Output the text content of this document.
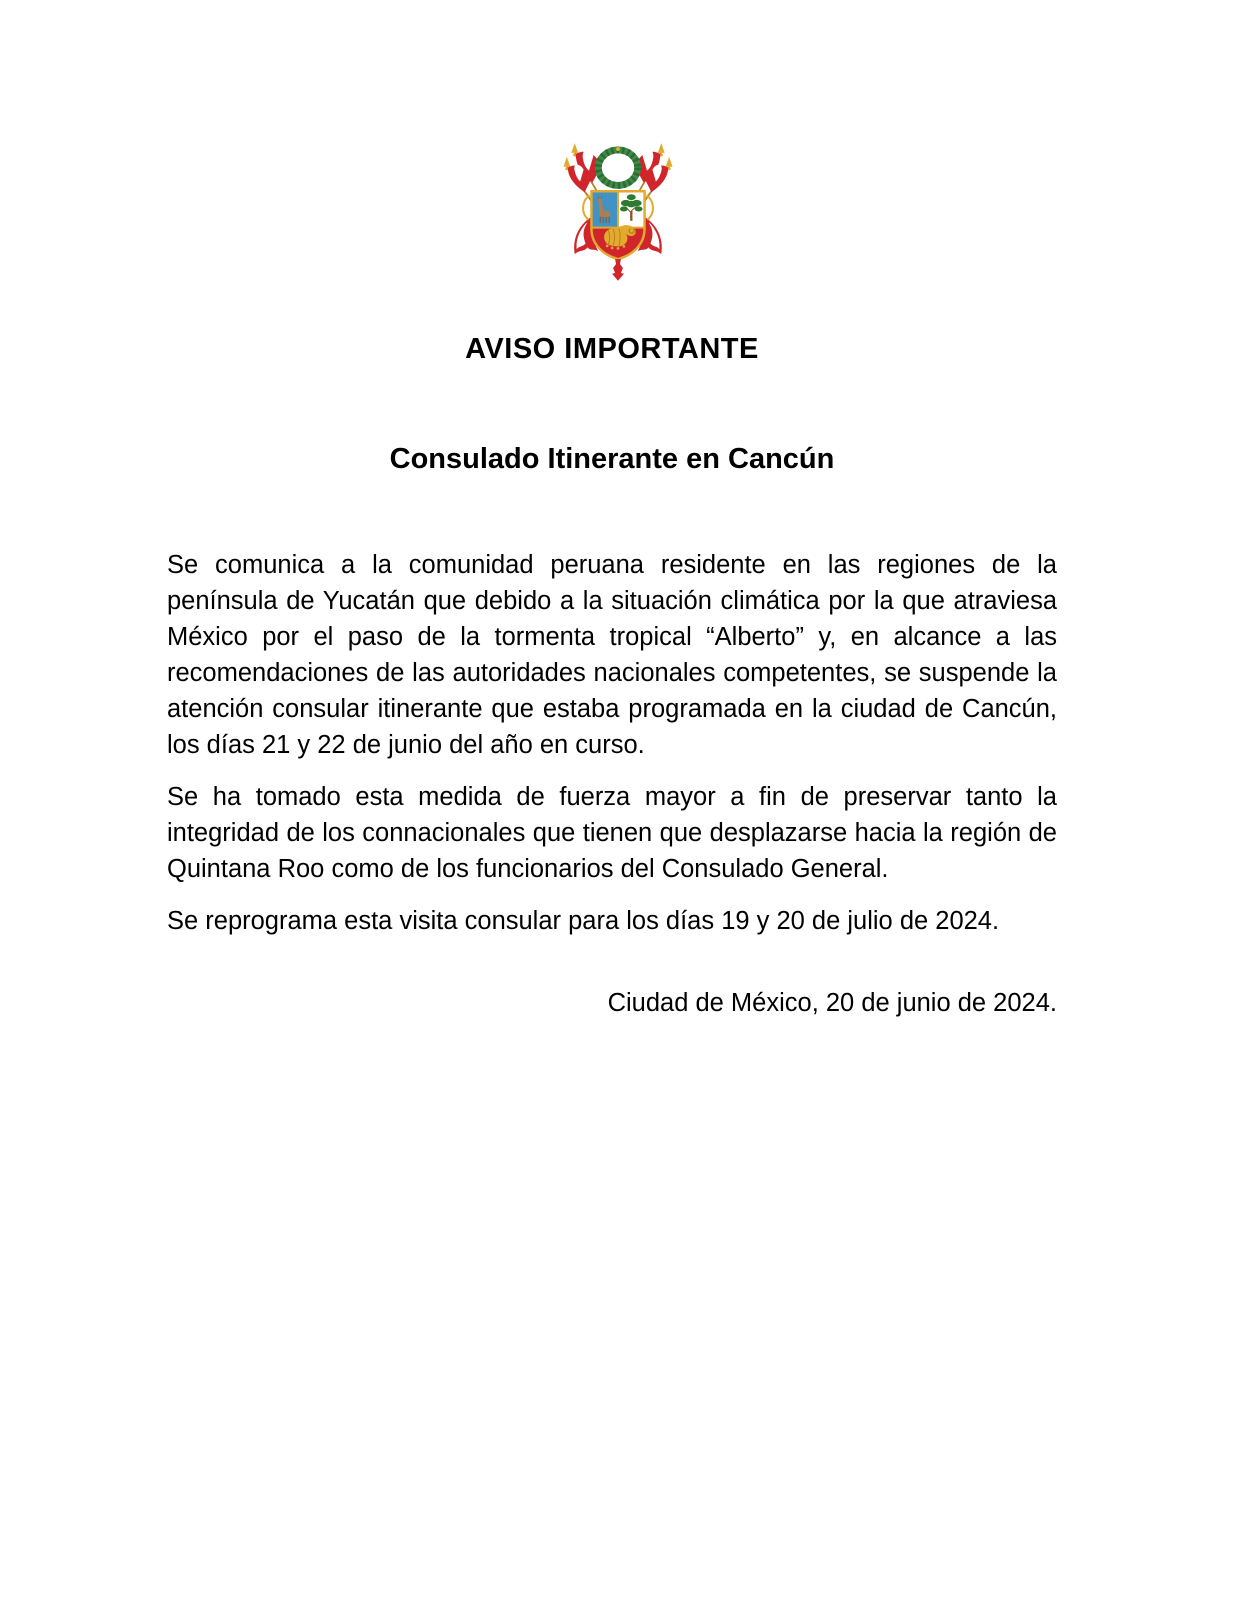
AVISO IMPORTANTE
Consulado Itinerante en Cancún

Se comunica a la comunidad peruana residente en las regiones de la península de Yucatán que debido a la situación climática por la que atraviesa México por el paso de la tormenta tropical “Alberto” y, en alcance a las recomendaciones de las autoridades nacionales competentes, se suspende la atención consular itinerante que estaba programada en la ciudad de Cancún, los días 21 y 22 de junio del año en curso.

Se ha tomado esta medida de fuerza mayor a fin de preservar tanto la integridad de los connacionales que tienen que desplazarse hacia la región de Quintana Roo como de los funcionarios del Consulado General.

Se reprograma esta visita consular para los días 19 y 20 de julio de 2024.

Ciudad de México, 20 de junio de 2024.
